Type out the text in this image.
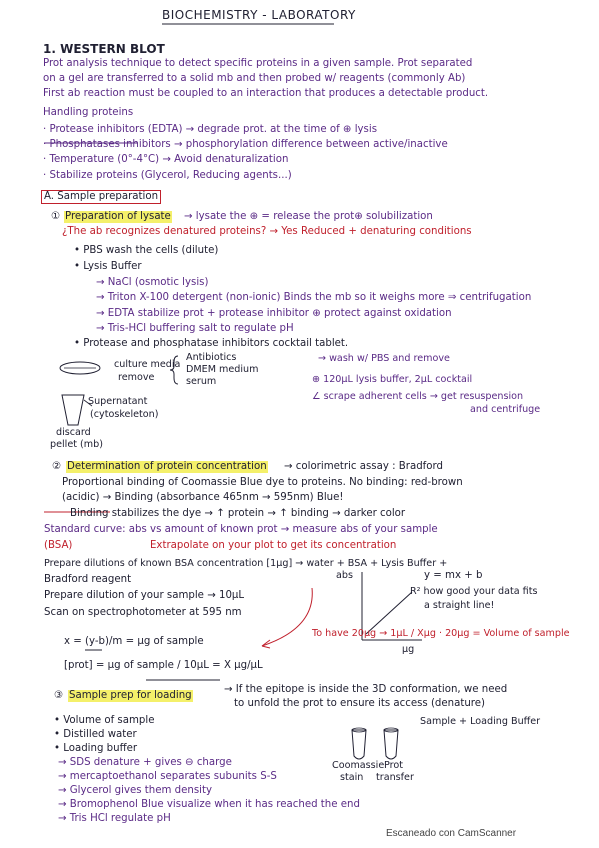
BIOCHEMISTRY - LABORATORY
1. WESTERN BLOT
Prot analysis technique to detect specific proteins in a given sample. Prot separated
on a gel are transferred to a solid mb and then probed w/ reagents (commonly Ab)
First ab reaction must be coupled to an interaction that produces a detectable product.
Handling proteins
· Protease inhibitors (EDTA) → degrade prot. at the time of ⊕ lysis
· Phosphatases inhibitors → phosphorylation difference between active/inactive
· Temperature (0°-4°C) → Avoid denaturalization
· Stabilize proteins (Glycerol, Reducing agents...)
A. Sample preparation
① Preparation of lysate → lysate the ⊕ = release the prot⊕ solubilization
¿The ab recognizes denatured proteins? → Yes Reduced + denaturing conditions
• PBS wash the cells (dilute)
• Lysis Buffer
→ NaCl (osmotic lysis)
→ Triton X-100 detergent (non-ionic) Binds the mb so it weighs more ⇒ centrifugation
→ EDTA stabilize prot + protease inhibitor ⊕ protect against oxidation
→ Tris-HCl buffering salt to regulate pH
• Protease and phosphatase inhibitors cocktail tablet.
culture media
remove
Antibiotics
DMEM medium
serum
→ wash w/ PBS and remove
⊕ 120μL lysis buffer, 2μL cocktail
∠ scrape adherent cells → get resuspension
and centrifuge
Supernatant
(cytoskeleton)
discard
pellet (mb)
② Determination of protein concentration → colorimetric assay : Bradford
Proportional binding of Coomassie Blue dye to proteins. No binding: red-brown
(acidic) → Binding (absorbance 465nm → 595nm) Blue!
Binding stabilizes the dye → ↑ protein → ↑ binding → darker color
Standard curve: abs vs amount of known prot → measure abs of your sample
(BSA)	Extrapolate on your plot to get its concentration
Prepare dilutions of known BSA concentration [1μg] → water + BSA + Lysis Buffer +
Bradford reagent
Prepare dilution of your sample → 10μL
Scan on spectrophotometer at 595 nm
abs
μg
y = mx + b
R² how good your data fits
a straight line!
x = (y-b)/m = μg of sample
[prot] = μg of sample / 10μL = X μg/μL
To have 20μg → 1μL / Xμg · 20μg = Volume of sample
③ Sample prep for loading
→ If the epitope is inside the 3D conformation, we need
to unfold the prot to ensure its access (denature)
Sample + Loading Buffer
• Volume of sample
• Distilled water
• Loading buffer
→ SDS denature + gives ⊖ charge
→ mercaptoethanol separates subunits S-S
→ Glycerol gives them density
→ Bromophenol Blue visualize when it has reached the end
→ Tris HCl regulate pH
Coomassie
stain
Prot
transfer
Escaneado con CamScanner
